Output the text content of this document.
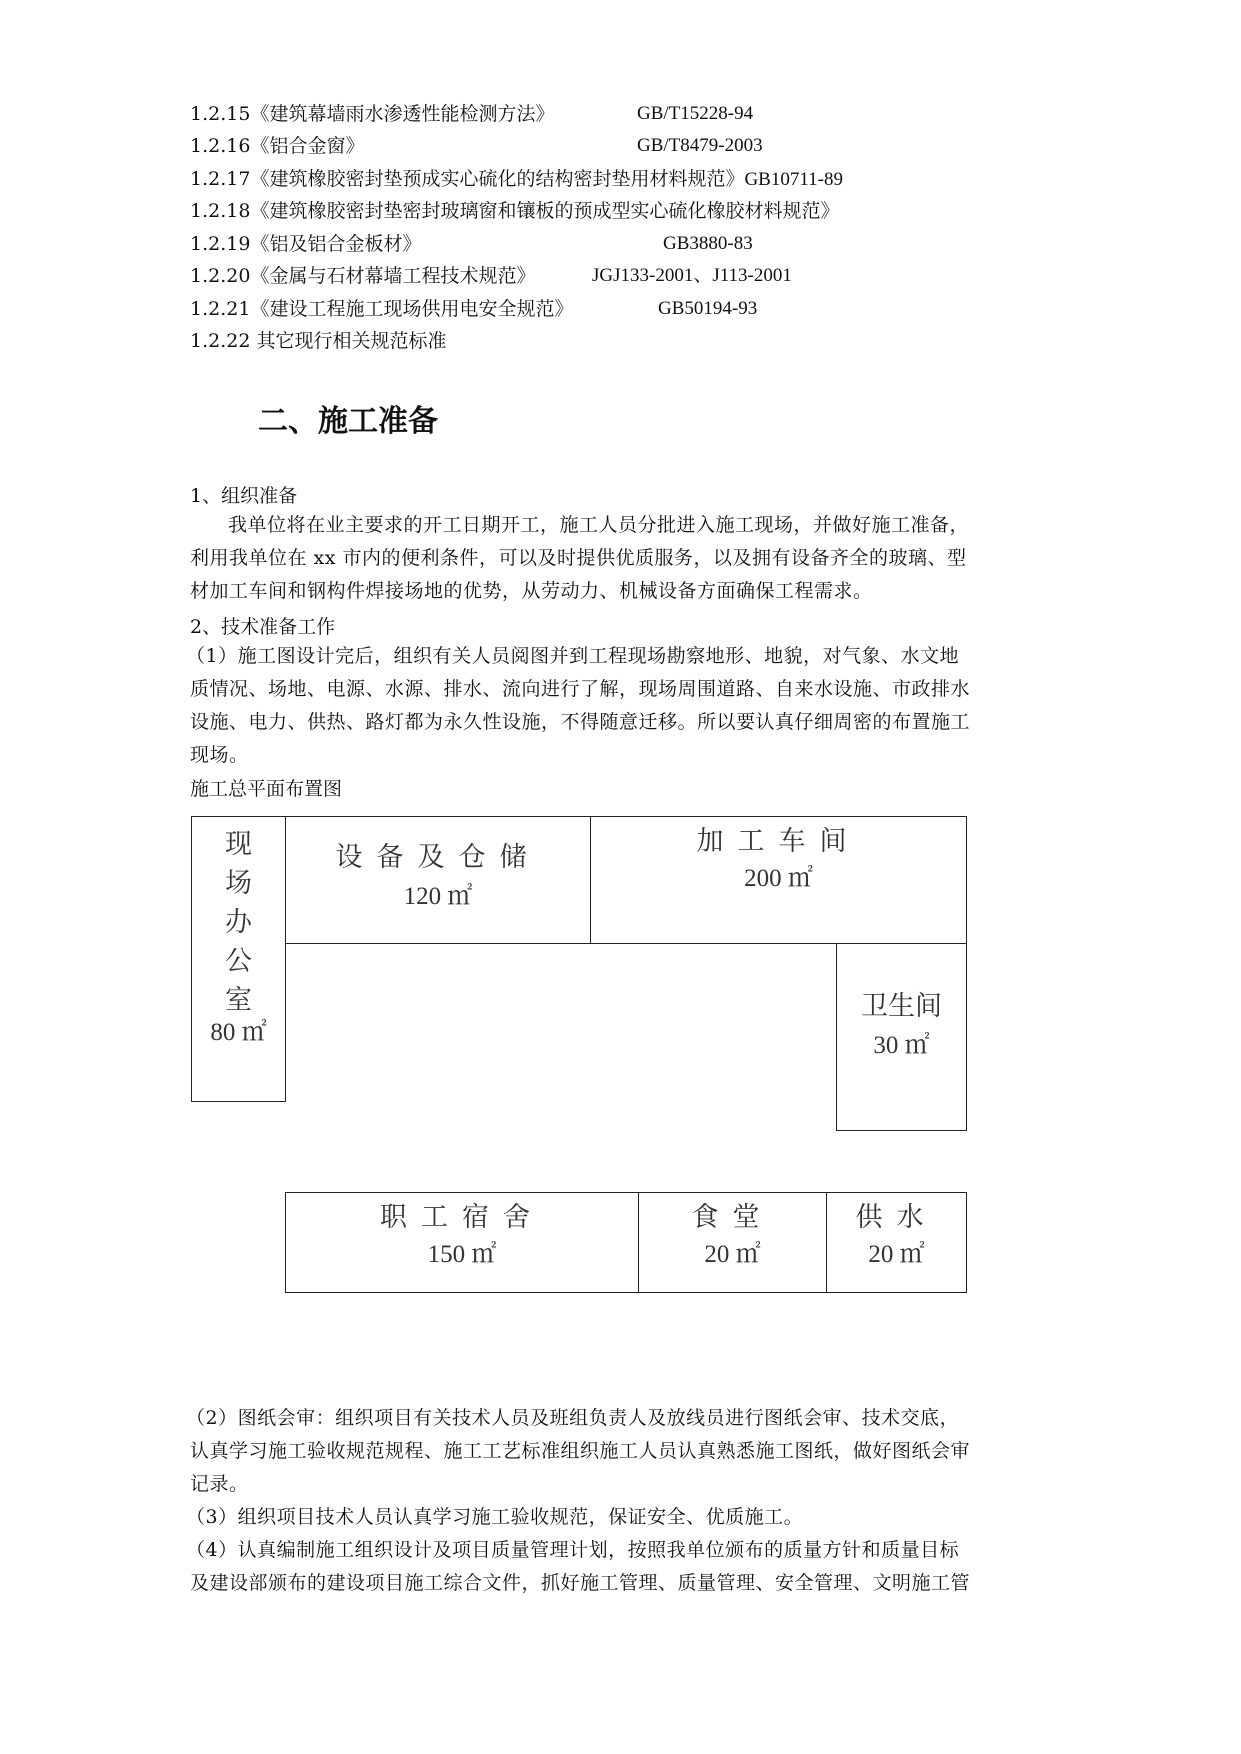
1.2.15《建筑幕墙雨水渗透性能检测方法》	GB/T15228-94
1.2.16《铝合金窗》	GB/T8479-2003
1.2.17《建筑橡胶密封垫预成实心硫化的结构密封垫用材料规范》GB10711-89
1.2.18《建筑橡胶密封垫密封玻璃窗和镶板的预成型实心硫化橡胶材料规范》
1.2.19《铝及铝合金板材》	GB3880-83
1.2.20《金属与石材幕墙工程技术规范》	JGJ133-2001、J113-2001
1.2.21《建设工程施工现场供用电安全规范》	GB50194-93
1.2.22 其它现行相关规范标准
二、施工准备
1、组织准备
我单位将在业主要求的开工日期开工，施工人员分批进入施工现场，并做好施工准备，
利用我单位在 xx 市内的便利条件，可以及时提供优质服务，以及拥有设备齐全的玻璃、型
材加工车间和钢构件焊接场地的优势，从劳动力、机械设备方面确保工程需求。
2、技术准备工作
（1）施工图设计完后，组织有关人员阅图并到工程现场勘察地形、地貌，对气象、水文地
质情况、场地、电源、水源、排水、流向进行了解，现场周围道路、自来水设施、市政排水
设施、电力、供热、路灯都为永久性设施，不得随意迁移。所以要认真仔细周密的布置施工
现场。
施工总平面布置图
现
场
办
公
室
80 ㎡
设备及仓储
120 ㎡
加工车间
200 ㎡
卫生间
30 ㎡
职工宿舍
150 ㎡
食堂
20 ㎡
供水
20 ㎡
（2）图纸会审：组织项目有关技术人员及班组负责人及放线员进行图纸会审、技术交底，
认真学习施工验收规范规程、施工工艺标准组织施工人员认真熟悉施工图纸，做好图纸会审
记录。
（3）组织项目技术人员认真学习施工验收规范，保证安全、优质施工。
（4）认真编制施工组织设计及项目质量管理计划，按照我单位颁布的质量方针和质量目标
及建设部颁布的建设项目施工综合文件，抓好施工管理、质量管理、安全管理、文明施工管
